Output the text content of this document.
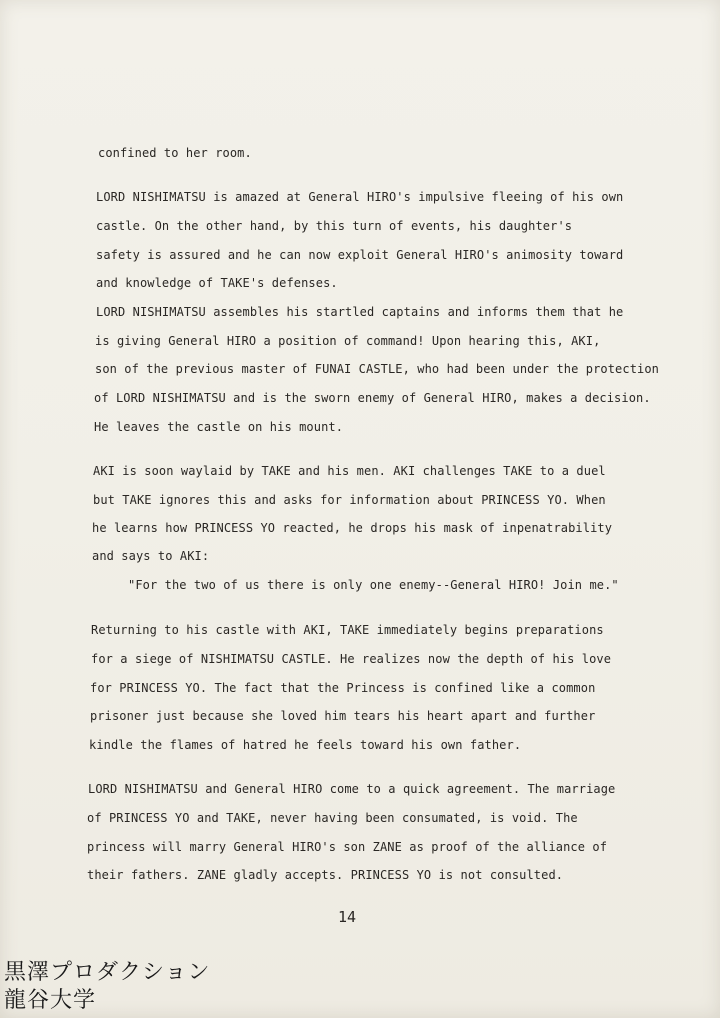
confined to her room.
LORD NISHIMATSU is amazed at General HIRO's impulsive fleeing of his own
castle. On the other hand, by this turn of events, his daughter's
safety is assured and he can now exploit General HIRO's animosity toward
and knowledge of TAKE's defenses.
LORD NISHIMATSU assembles his startled captains and informs them that he
is giving General HIRO a position of command! Upon hearing this, AKI,
son of the previous master of FUNAI CASTLE, who had been under the protection
of LORD NISHIMATSU and is the sworn enemy of General HIRO, makes a decision.
He leaves the castle on his mount.
AKI is soon waylaid by TAKE and his men. AKI challenges TAKE to a duel
but TAKE ignores this and asks for information about PRINCESS YO. When
he learns how PRINCESS YO reacted, he drops his mask of inpenatrability
and says to AKI:
"For the two of us there is only one enemy--General HIRO! Join me."
Returning to his castle with AKI, TAKE immediately begins preparations
for a siege of NISHIMATSU CASTLE. He realizes now the depth of his love
for PRINCESS YO. The fact that the Princess is confined like a common
prisoner just because she loved him tears his heart apart and further
kindle the flames of hatred he feels toward his own father.
LORD NISHIMATSU and General HIRO come to a quick agreement. The marriage
of PRINCESS YO and TAKE, never having been consumated, is void. The
princess will marry General HIRO's son ZANE as proof of the alliance of
their fathers. ZANE gladly accepts. PRINCESS YO is not consulted.
14
黒澤プロダクション
龍谷大学
